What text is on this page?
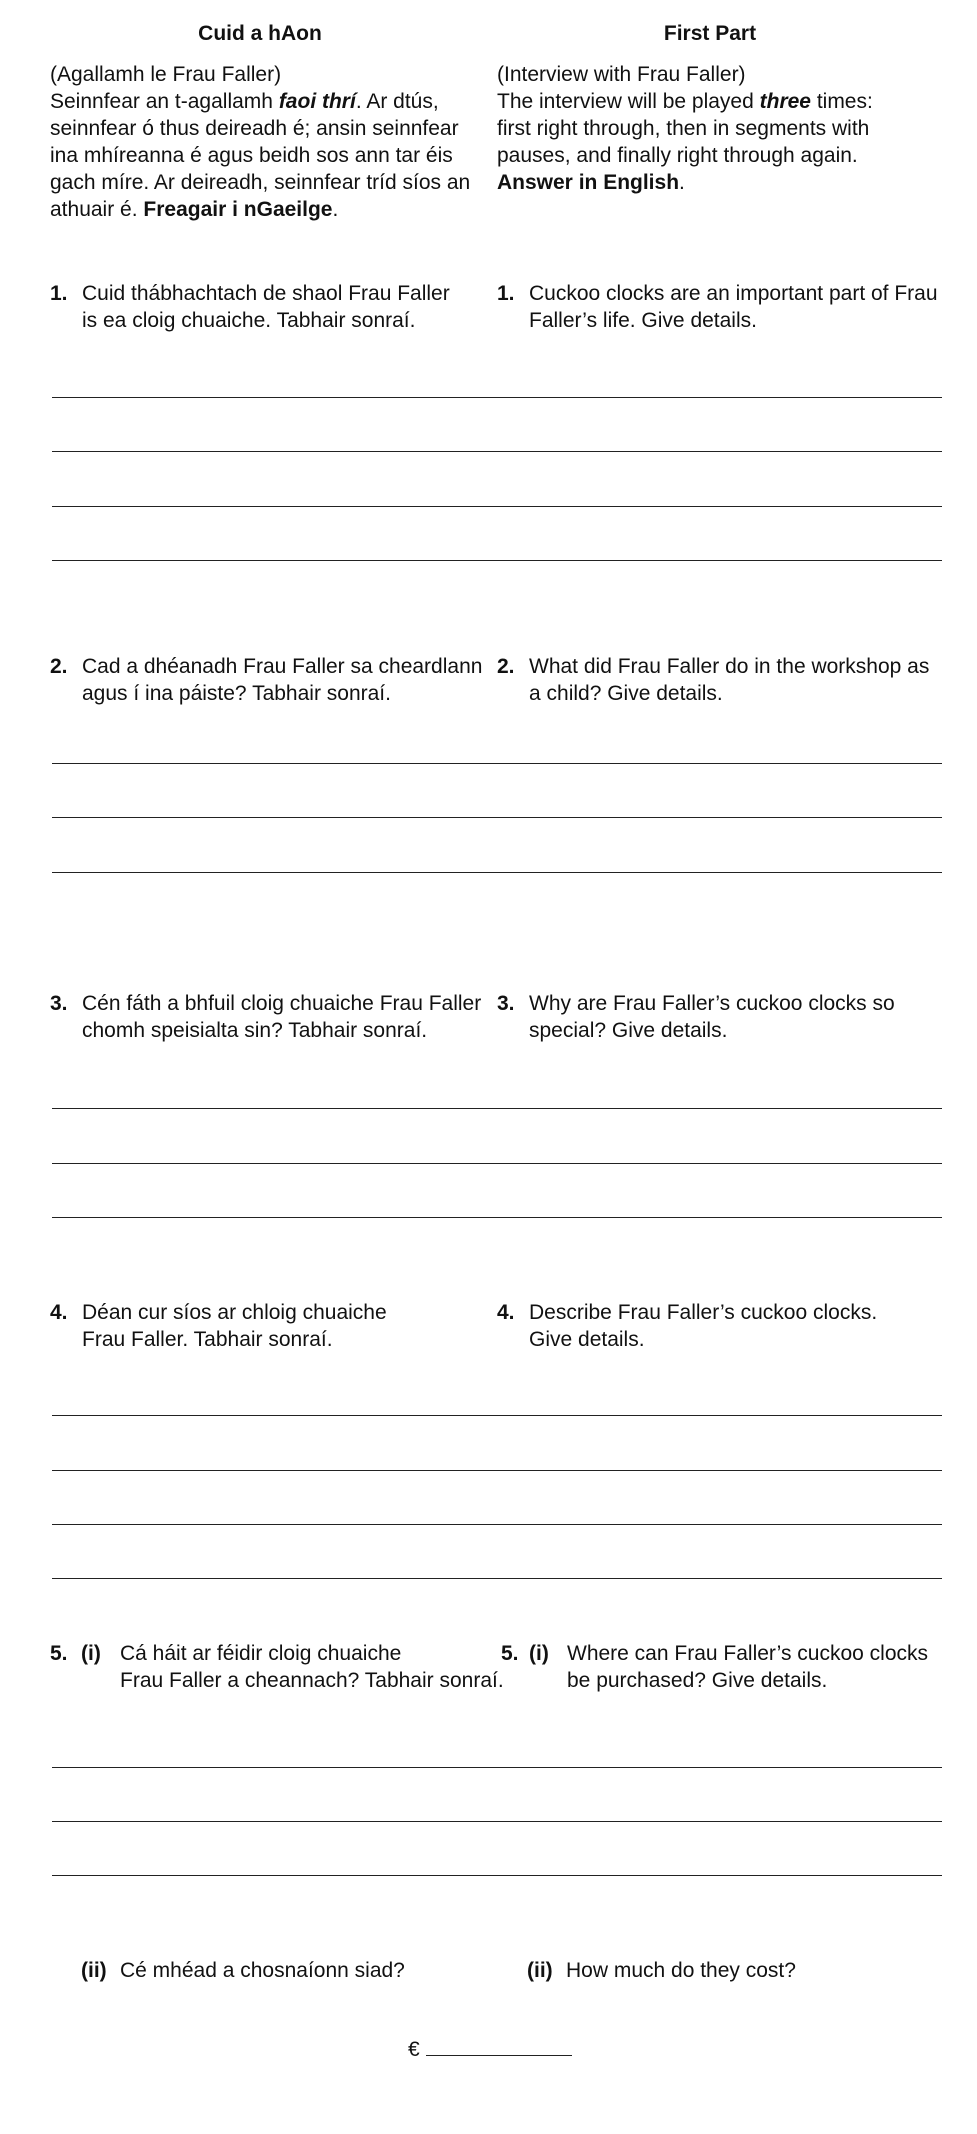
Cuid a hAon	First Part
(Agallamh le Frau Faller)
Seinnfear an t-agallamh faoi thrí. Ar dtús,
seinnfear ó thus deireadh é; ansin seinnfear
ina mhíreanna é agus beidh sos ann tar éis
gach míre. Ar deireadh, seinnfear tríd síos an
athuair é. Freagair i nGaeilge.
(Interview with Frau Faller)
The interview will be played three times:
first right through, then in segments with
pauses, and finally right through again.
Answer in English.
1. Cuid thábhachtach de shaol Frau Faller
is ea cloig chuaiche. Tabhair sonraí.
1. Cuckoo clocks are an important part of Frau
Faller’s life. Give details.
2. Cad a dhéanadh Frau Faller sa cheardlann
agus í ina páiste? Tabhair sonraí.
2. What did Frau Faller do in the workshop as
a child? Give details.
3. Cén fáth a bhfuil cloig chuaiche Frau Faller
chomh speisialta sin? Tabhair sonraí.
3. Why are Frau Faller’s cuckoo clocks so
special? Give details.
4. Déan cur síos ar chloig chuaiche
Frau Faller. Tabhair sonraí.
4. Describe Frau Faller’s cuckoo clocks.
Give details.
5. (i) Cá háit ar féidir cloig chuaiche
Frau Faller a cheannach? Tabhair sonraí.
5. (i) Where can Frau Faller’s cuckoo clocks
be purchased? Give details.
(ii) Cé mhéad a chosnaíonn siad?	(ii) How much do they cost?
€
